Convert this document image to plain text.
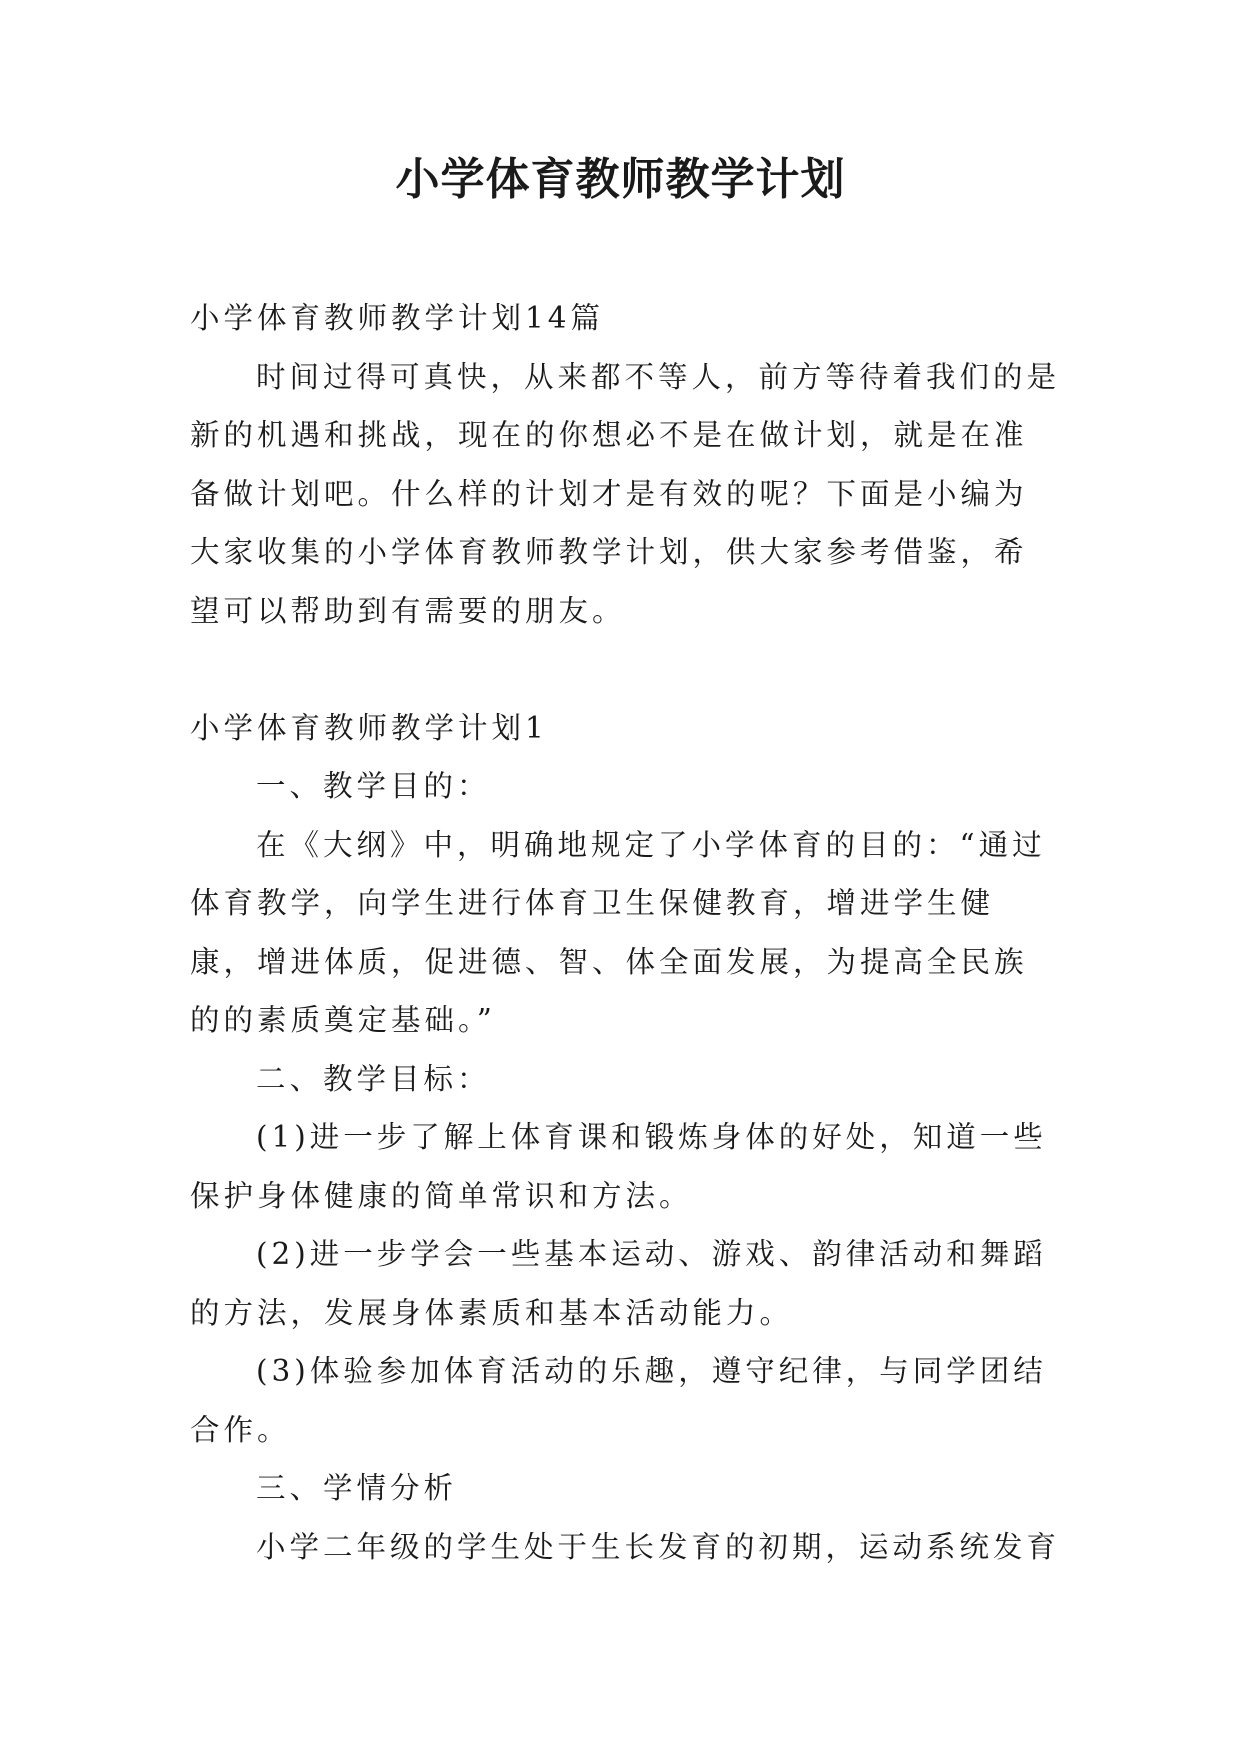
小学体育教师教学计划

小学体育教师教学计划14篇

时间过得可真快，从来都不等人，前方等待着我们的是新的机遇和挑战，现在的你想必不是在做计划，就是在准备做计划吧。什么样的计划才是有效的呢？下面是小编为大家收集的小学体育教师教学计划，供大家参考借鉴，希望可以帮助到有需要的朋友。

小学体育教师教学计划1

一、教学目的：

在《大纲》中，明确地规定了小学体育的目的：“通过体育教学，向学生进行体育卫生保健教育，增进学生健康，增进体质，促进德、智、体全面发展，为提高全民族的的素质奠定基础。”

二、教学目标：

(1)进一步了解上体育课和锻炼身体的好处，知道一些保护身体健康的简单常识和方法。

(2)进一步学会一些基本运动、游戏、韵律活动和舞蹈的方法，发展身体素质和基本活动能力。

(3)体验参加体育活动的乐趣，遵守纪律，与同学团结合作。

三、学情分析

小学二年级的学生处于生长发育的初期，运动系统发育
